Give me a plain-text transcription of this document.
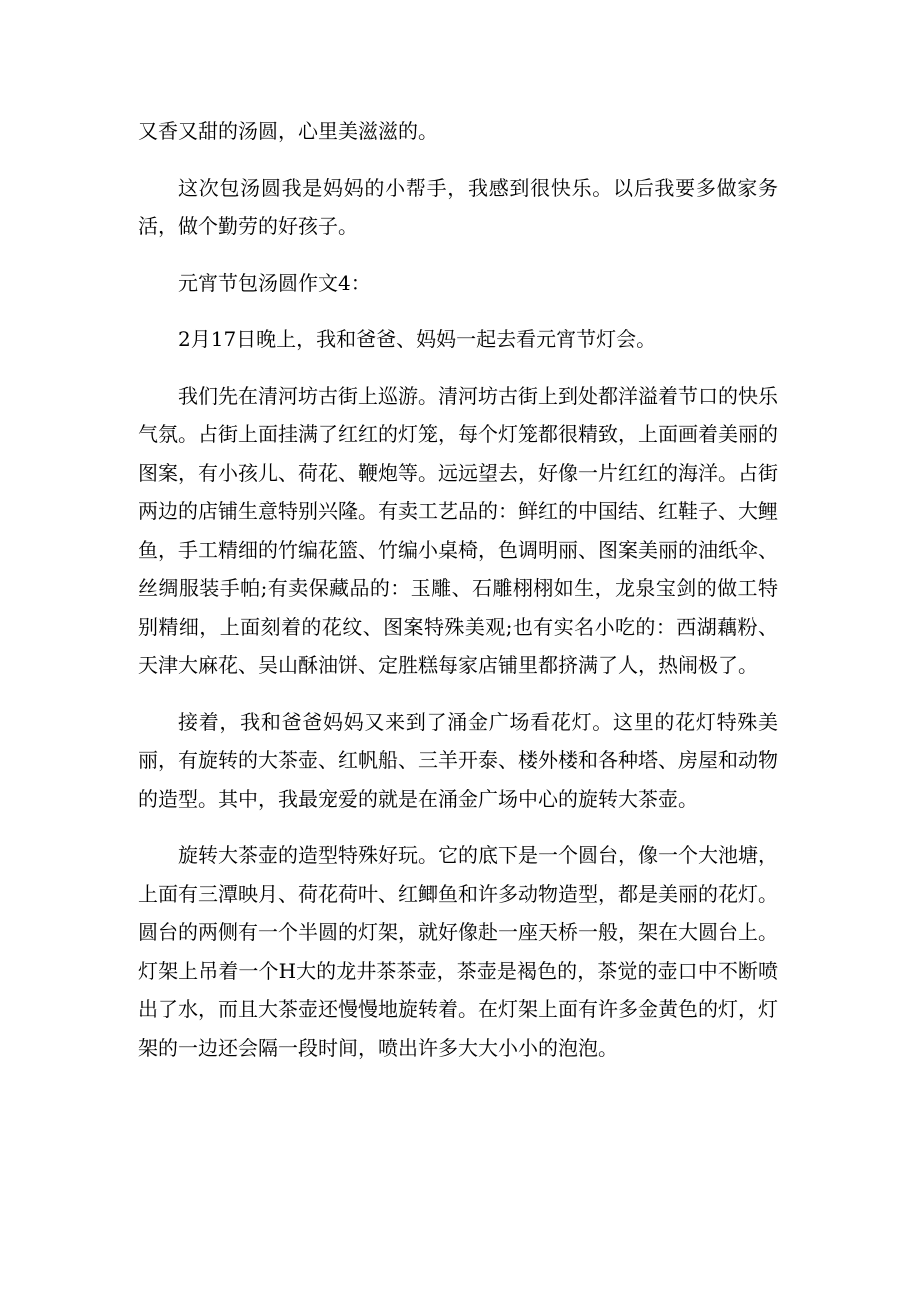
又香又甜的汤圆，心里美滋滋的。

这次包汤圆我是妈妈的小帮手，我感到很快乐。以后我要多做家务活，做个勤劳的好孩子。

元宵节包汤圆作文4：

2月17日晚上，我和爸爸、妈妈一起去看元宵节灯会。

我们先在清河坊古街上巡游。清河坊古街上到处都洋溢着节口的快乐气氛。占街上面挂满了红红的灯笼，每个灯笼都很精致，上面画着美丽的图案，有小孩儿、荷花、鞭炮等。远远望去，好像一片红红的海洋。占街两边的店铺生意特别兴隆。有卖工艺品的：鲜红的中国结、红鞋子、大鲤鱼，手工精细的竹编花篮、竹编小桌椅，色调明丽、图案美丽的油纸伞、丝绸服装手帕;有卖保藏品的：玉雕、石雕栩栩如生，龙泉宝剑的做工特别精细，上面刻着的花纹、图案特殊美观;也有实名小吃的：西湖藕粉、天津大麻花、吴山酥油饼、定胜糕每家店铺里都挤满了人，热闹极了。

接着，我和爸爸妈妈又来到了涌金广场看花灯。这里的花灯特殊美丽，有旋转的大茶壶、红帆船、三羊开泰、楼外楼和各种塔、房屋和动物的造型。其中，我最宠爱的就是在涌金广场中心的旋转大茶壶。

旋转大茶壶的造型特殊好玩。它的底下是一个圆台，像一个大池塘，上面有三潭映月、荷花荷叶、红鲫鱼和许多动物造型，都是美丽的花灯。圆台的两侧有一个半圆的灯架，就好像赴一座天桥一般，架在大圆台上。灯架上吊着一个H大的龙井茶茶壶，茶壶是褐色的，茶觉的壶口中不断喷出了水，而且大茶壶还慢慢地旋转着。在灯架上面有许多金黄色的灯，灯架的一边还会隔一段时间，喷出许多大大小小的泡泡。
